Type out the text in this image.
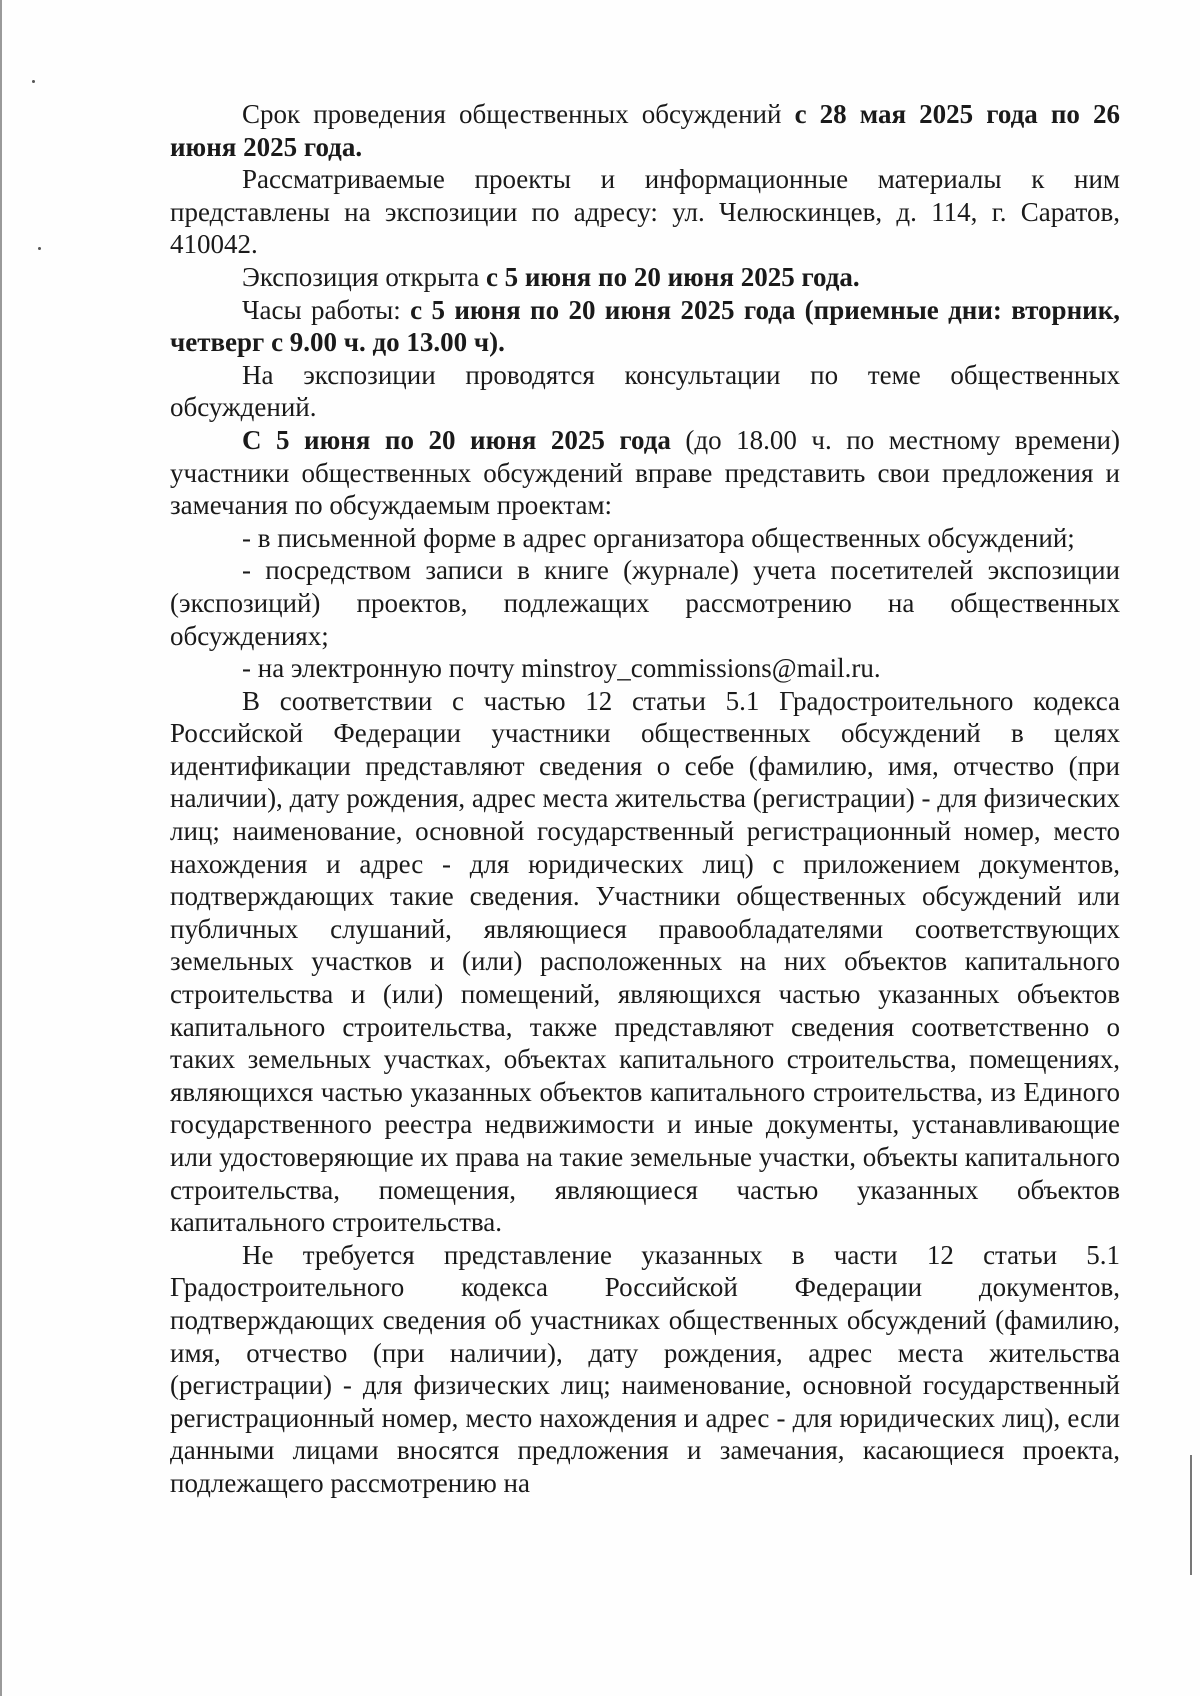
Срок проведения общественных обсуждений с 28 мая 2025 года по 26 июня 2025 года.

Рассматриваемые проекты и информационные материалы к ним представлены на экспозиции по адресу: ул. Челюскинцев, д. 114, г. Саратов, 410042.

Экспозиция открыта с 5 июня по 20 июня 2025 года.

Часы работы: с 5 июня по 20 июня 2025 года (приемные дни: вторник, четверг с 9.00 ч. до 13.00 ч).

На экспозиции проводятся консультации по теме общественных обсуждений.

С 5 июня по 20 июня 2025 года (до 18.00 ч. по местному времени) участники общественных обсуждений вправе представить свои предложения и замечания по обсуждаемым проектам:

- в письменной форме в адрес организатора общественных обсуждений;

- посредством записи в книге (журнале) учета посетителей экспозиции (экспозиций) проектов, подлежащих рассмотрению на общественных обсуждениях;

- на электронную почту minstroy_commissions@mail.ru.

В соответствии с частью 12 статьи 5.1 Градостроительного кодекса Российской Федерации участники общественных обсуждений в целях идентификации представляют сведения о себе (фамилию, имя, отчество (при наличии), дату рождения, адрес места жительства (регистрации) - для физических лиц; наименование, основной государственный регистрационный номер, место нахождения и адрес - для юридических лиц) с приложением документов, подтверждающих такие сведения. Участники общественных обсуждений или публичных слушаний, являющиеся правообладателями соответствующих земельных участков и (или) расположенных на них объектов капитального строительства и (или) помещений, являющихся частью указанных объектов капитального строительства, также представляют сведения соответственно о таких земельных участках, объектах капитального строительства, помещениях, являющихся частью указанных объектов капитального строительства, из Единого государственного реестра недвижимости и иные документы, устанавливающие или удостоверяющие их права на такие земельные участки, объекты капитального строительства, помещения, являющиеся частью указанных объектов капитального строительства.

Не требуется представление указанных в части 12 статьи 5.1 Градостроительного кодекса Российской Федерации документов, подтверждающих сведения об участниках общественных обсуждений (фамилию, имя, отчество (при наличии), дату рождения, адрес места жительства (регистрации) - для физических лиц; наименование, основной государственный регистрационный номер, место нахождения и адрес - для юридических лиц), если данными лицами вносятся предложения и замечания, касающиеся проекта, подлежащего рассмотрению на
